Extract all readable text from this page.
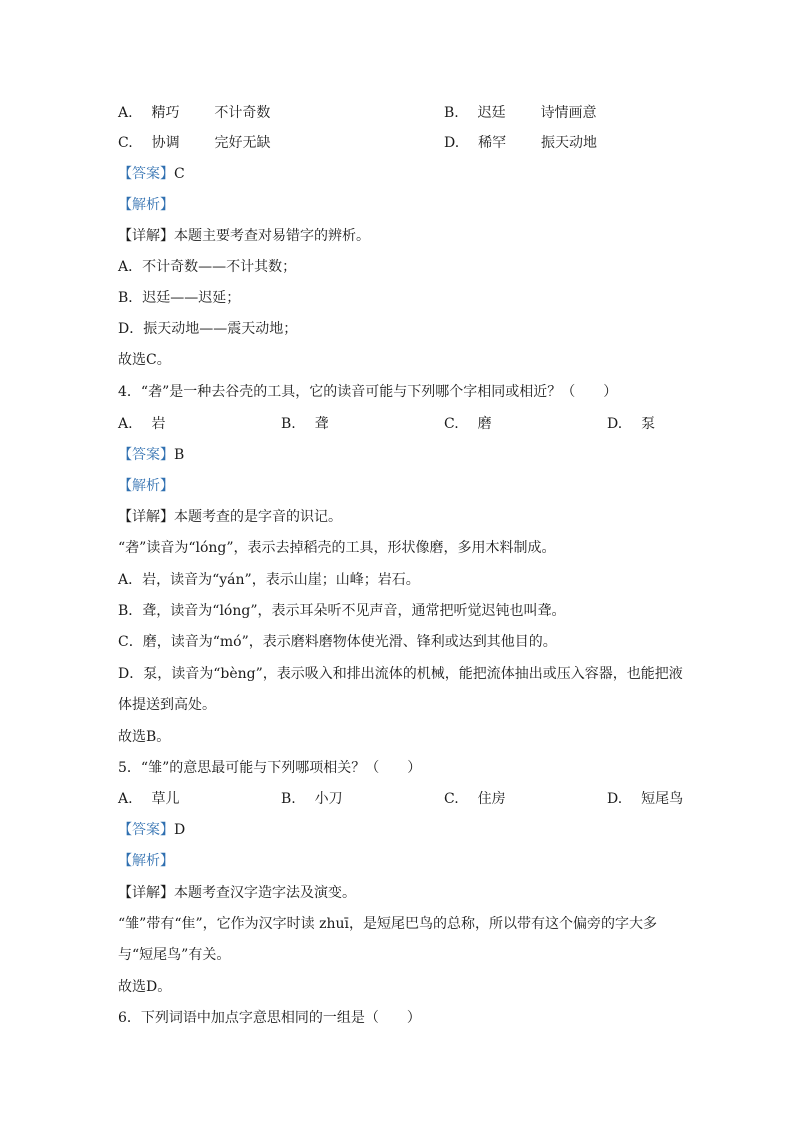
A. 精巧 不计奇数	B. 迟廷 诗情画意
C. 协调 完好无缺	D. 稀罕 振天动地
【答案】C
【解析】
【详解】本题主要考查对易错字的辨析。
A．不计奇数——不计其数；
B．迟廷——迟延；
D．振天动地——震天动地；
故选C。
4．“砻”是一种去谷壳的工具，它的读音可能与下列哪个字相同或相近？（　　）
A. 岩	B. 聋	C. 磨	D. 泵
【答案】B
【解析】
【详解】本题考查的是字音的识记。
“砻”读音为“lóng”，表示去掉稻壳的工具，形状像磨，多用木料制成。
A．岩，读音为“yán”，表示山崖；山峰；岩石。
B．聋，读音为“lóng”，表示耳朵听不见声音，通常把听觉迟钝也叫聋。
C．磨，读音为“mó”，表示磨料磨物体使光滑、锋利或达到其他目的。
D．泵，读音为“bèng”，表示吸入和排出流体的机械，能把流体抽出或压入容器，也能把液
体提送到高处。
故选B。
5．“雏”的意思最可能与下列哪项相关？（　　）
A. 草儿	B. 小刀	C. 住房	D. 短尾鸟
【答案】D
【解析】
【详解】本题考查汉字造字法及演变。
“雏”带有“隹”，它作为汉字时读 zhuī，是短尾巴鸟的总称，所以带有这个偏旁的字大多
与“短尾鸟”有关。
故选D。
6．下列词语中加点字意思相同的一组是（　　）
